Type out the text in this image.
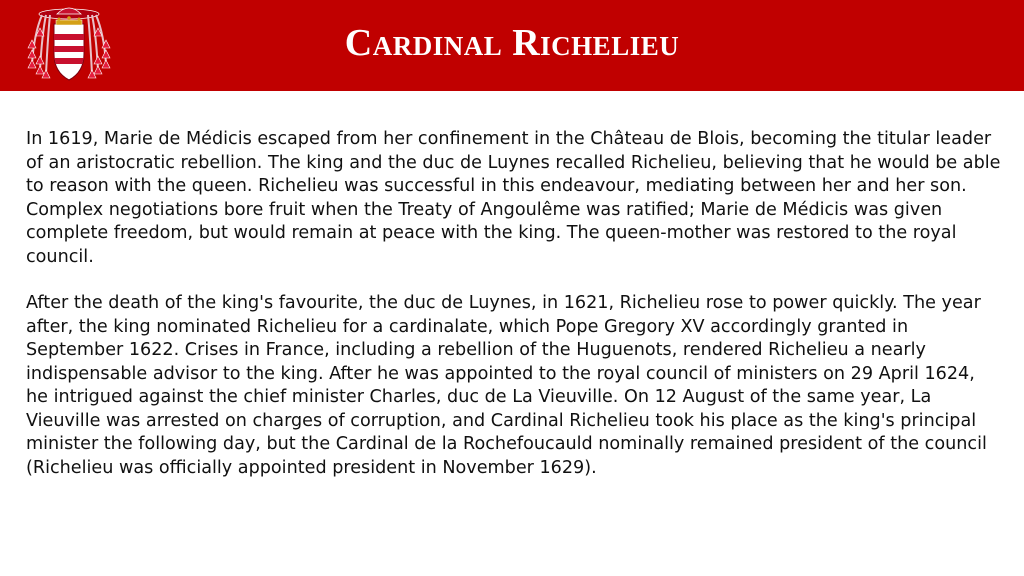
Cardinal Richelieu

In 1619, Marie de Médicis escaped from her confinement in the Château de Blois, becoming the titular leader of an aristocratic rebellion. The king and the duc de Luynes recalled Richelieu, believing that he would be able to reason with the queen. Richelieu was successful in this endeavour, mediating between her and her son. Complex negotiations bore fruit when the Treaty of Angoulême was ratified; Marie de Médicis was given complete freedom, but would remain at peace with the king. The queen-mother was restored to the royal council.

After the death of the king's favourite, the duc de Luynes, in 1621, Richelieu rose to power quickly. The year after, the king nominated Richelieu for a cardinalate, which Pope Gregory XV accordingly granted in September 1622. Crises in France, including a rebellion of the Huguenots, rendered Richelieu a nearly indispensable advisor to the king. After he was appointed to the royal council of ministers on 29 April 1624, he intrigued against the chief minister Charles, duc de La Vieuville. On 12 August of the same year, La Vieuville was arrested on charges of corruption, and Cardinal Richelieu took his place as the king's principal minister the following day, but the Cardinal de la Rochefoucauld nominally remained president of the council (Richelieu was officially appointed president in November 1629).
